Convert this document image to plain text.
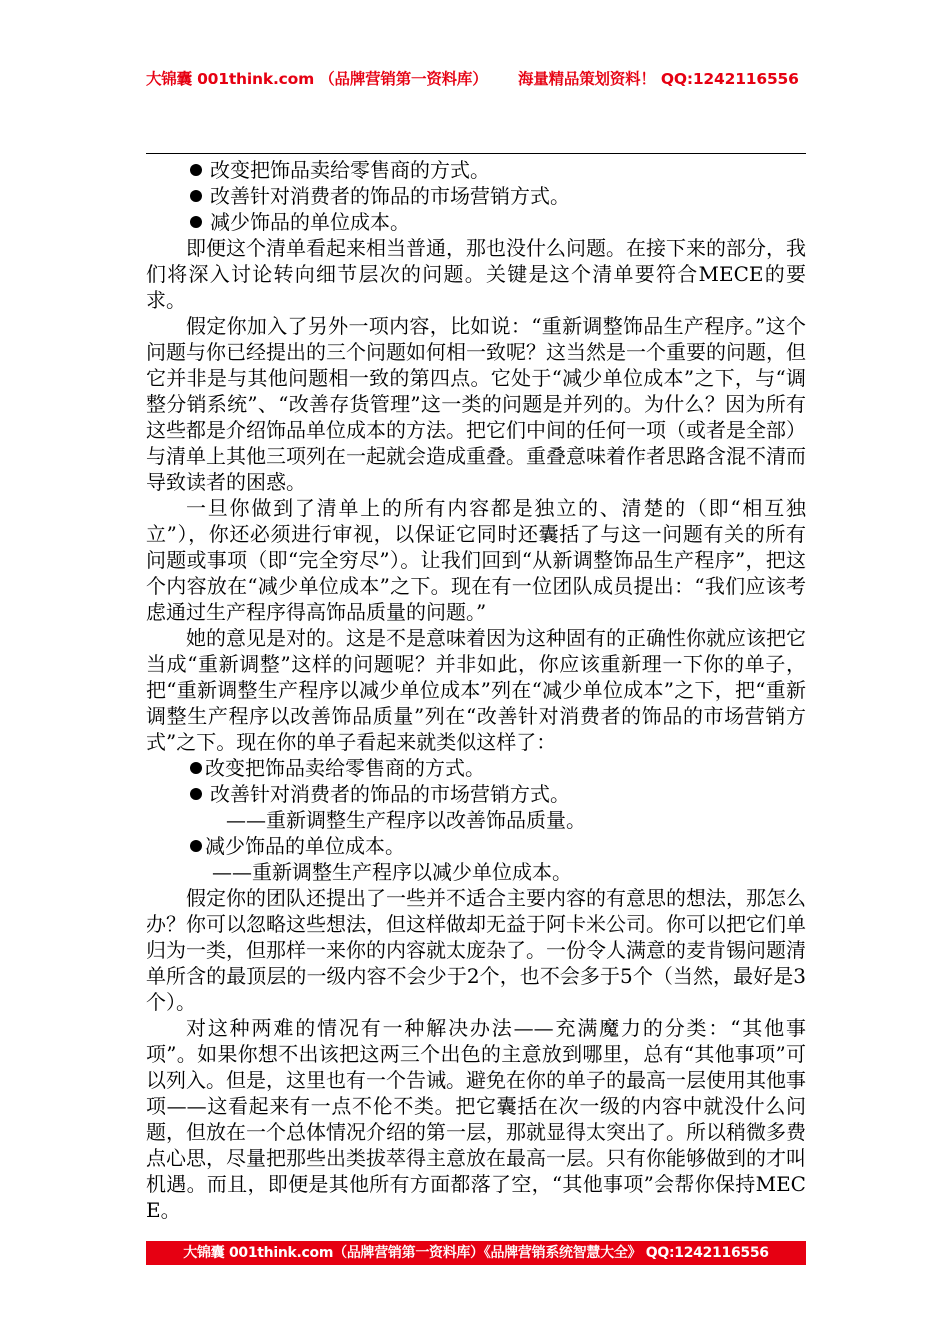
大锦囊 001think.com （品牌营销第一资料库） 海量精品策划资料！ QQ:1242116556
改变把饰品卖给零售商的方式。
改善针对消费者的饰品的市场营销方式。
减少饰品的单位成本。

即便这个清单看起来相当普通，那也没什么问题。在接下来的部分，我们将深入讨论转向细节层次的问题。关键是这个清单要符合MECE的要求。

假定你加入了另外一项内容，比如说：“重新调整饰品生产程序。”这个问题与你已经提出的三个问题如何相一致呢？这当然是一个重要的问题，但它并非是与其他问题相一致的第四点。它处于“减少单位成本”之下，与“调整分销系统”、“改善存货管理”这一类的问题是并列的。为什么？因为所有这些都是介绍饰品单位成本的方法。把它们中间的任何一项（或者是全部）与清单上其他三项列在一起就会造成重叠。重叠意味着作者思路含混不清而导致读者的困惑。

一旦你做到了清单上的所有内容都是独立的、清楚的（即“相互独立”），你还必须进行审视，以保证它同时还囊括了与这一问题有关的所有问题或事项（即“完全穷尽”）。让我们回到“从新调整饰品生产程序”，把这个内容放在“减少单位成本”之下。现在有一位团队成员提出：“我们应该考虑通过生产程序得高饰品质量的问题。”

她的意见是对的。这是不是意味着因为这种固有的正确性你就应该把它当成“重新调整”这样的问题呢？并非如此，你应该重新理一下你的单子，把“重新调整生产程序以减少单位成本”列在“减少单位成本”之下，把“重新调整生产程序以改善饰品质量”列在“改善针对消费者的饰品的市场营销方式”之下。现在你的单子看起来就类似这样了：

改变把饰品卖给零售商的方式。
改善针对消费者的饰品的市场营销方式。
——重新调整生产程序以改善饰品质量。
减少饰品的单位成本。
——重新调整生产程序以减少单位成本。

假定你的团队还提出了一些并不适合主要内容的有意思的想法，那怎么办？你可以忽略这些想法，但这样做却无益于阿卡米公司。你可以把它们单归为一类，但那样一来你的内容就太庞杂了。一份令人满意的麦肯锡问题清单所含的最顶层的一级内容不会少于2个，也不会多于5个（当然，最好是3个）。

对这种两难的情况有一种解决办法——充满魔力的分类：“其他事项”。如果你想不出该把这两三个出色的主意放到哪里，总有“其他事项”可以列入。但是，这里也有一个告诫。避免在你的单子的最高一层使用其他事项——这看起来有一点不伦不类。把它囊括在次一级的内容中就没什么问题，但放在一个总体情况介绍的第一层，那就显得太突出了。所以稍微多费点心思，尽量把那些出类拔萃得主意放在最高一层。只有你能够做到的才叫机遇。而且，即便是其他所有方面都落了空，“其他事项”会帮你保持MECE。

大锦囊 001think.com（品牌营销第一资料库）《品牌营销系统智慧大全》 QQ:1242116556
